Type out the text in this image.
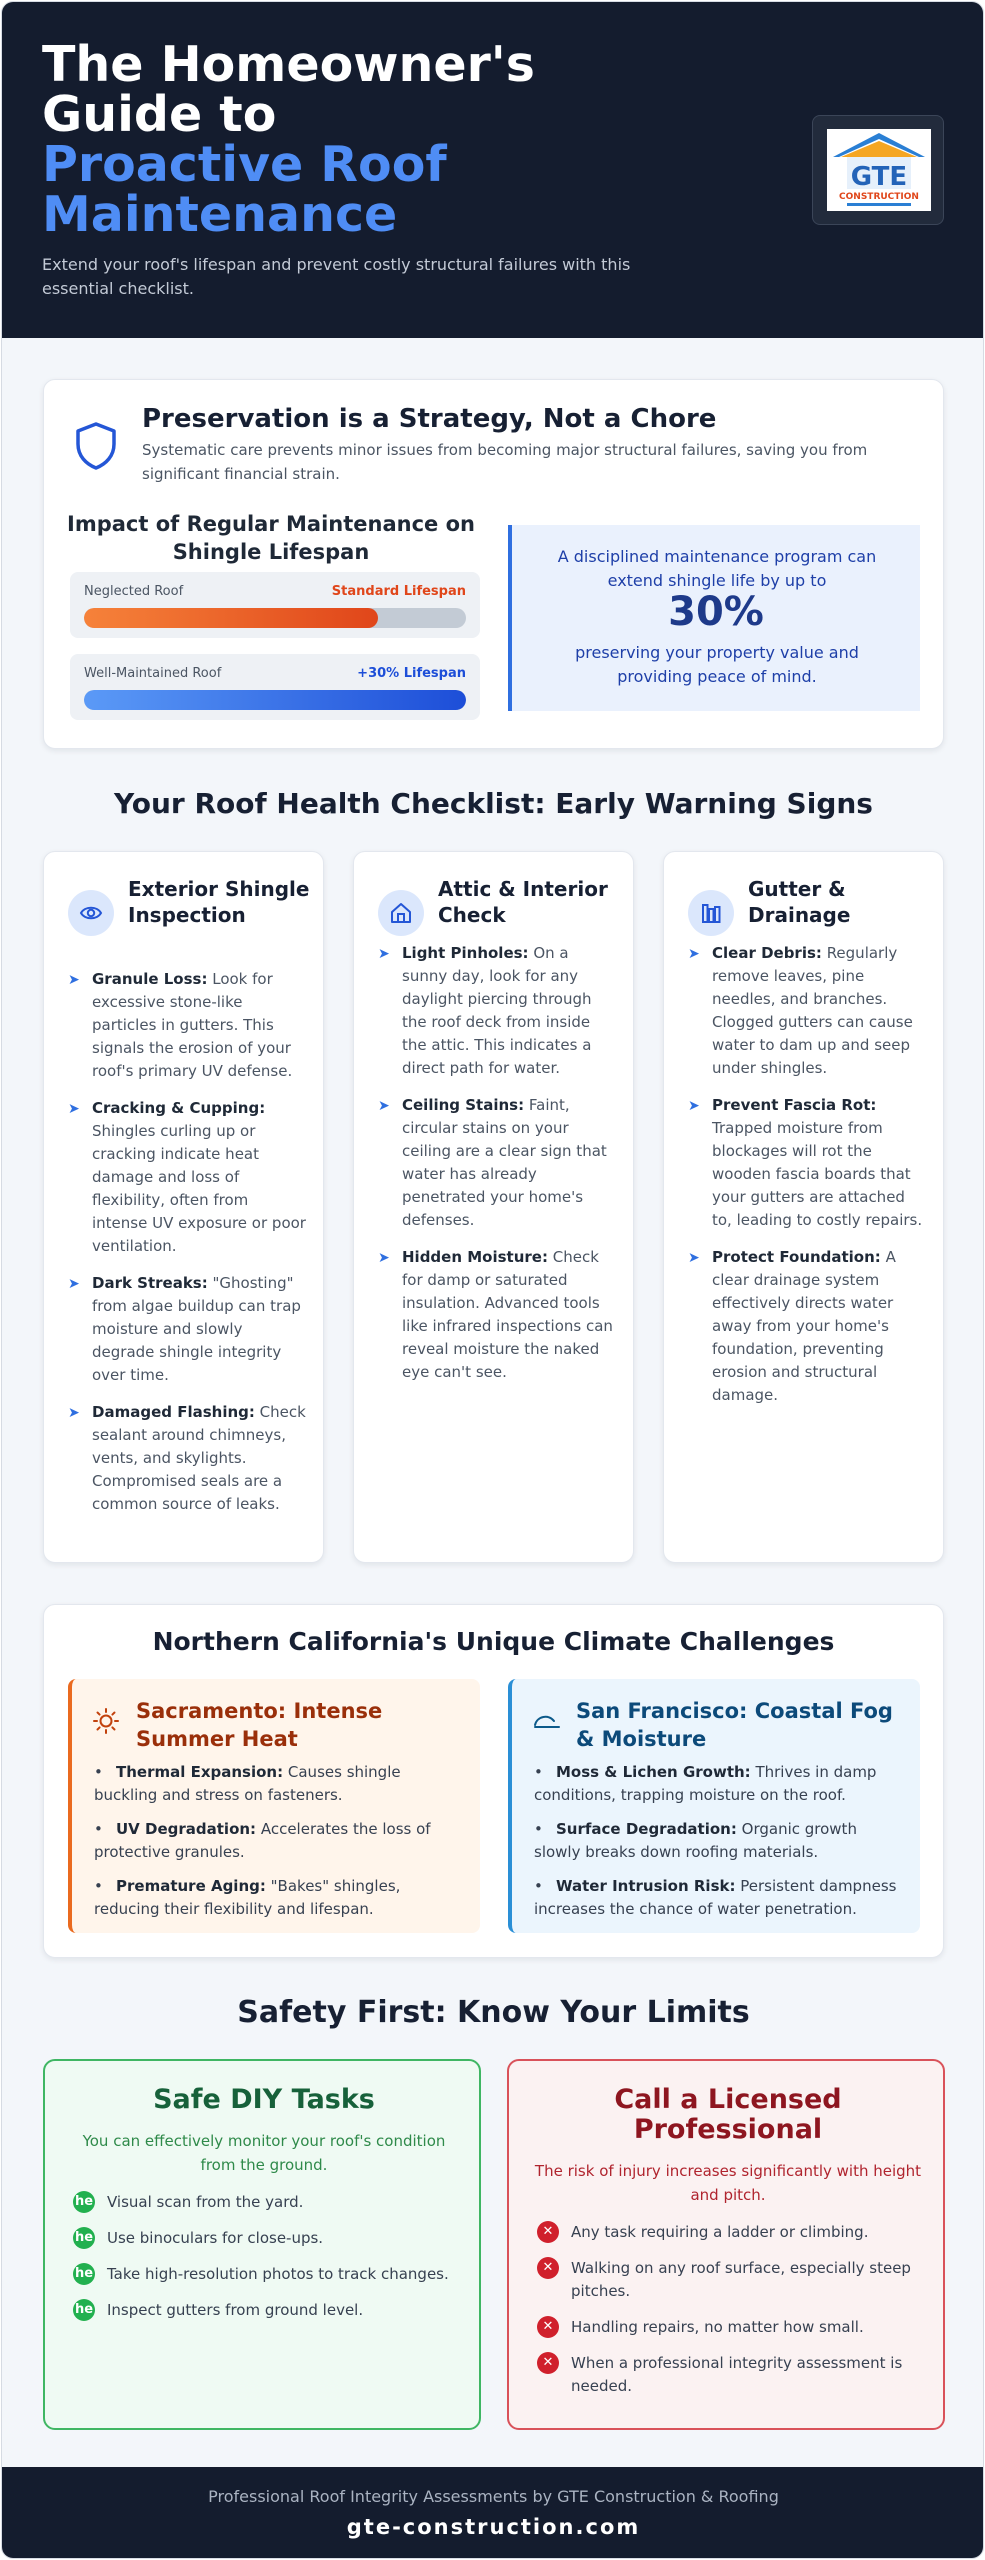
The Homeowner's
Guide to
Proactive Roof
Maintenance
Extend your roof's lifespan and prevent costly structural failures with this essential checklist.
GTE
CONSTRUCTION
Preservation is a Strategy, Not a Chore
Systematic care prevents minor issues from becoming major structural failures, saving you from significant financial strain.
Impact of Regular Maintenance on Shingle Lifespan
Neglected Roof	Standard Lifespan
Well-Maintained Roof	+30% Lifespan
A disciplined maintenance program can extend shingle life by up to
30%
preserving your property value and providing peace of mind.
Your Roof Health Checklist: Early Warning Signs
Exterior Shingle Inspection
➤ Granule Loss: Look for excessive stone-like particles in gutters. This signals the erosion of your roof's primary UV defense.
➤ Cracking & Cupping: Shingles curling up or cracking indicate heat damage and loss of flexibility, often from intense UV exposure or poor ventilation.
➤ Dark Streaks: "Ghosting" from algae buildup can trap moisture and slowly degrade shingle integrity over time.
➤ Damaged Flashing: Check sealant around chimneys, vents, and skylights. Compromised seals are a common source of leaks.
Attic & Interior Check
➤ Light Pinholes: On a sunny day, look for any daylight piercing through the roof deck from inside the attic. This indicates a direct path for water.
➤ Ceiling Stains: Faint, circular stains on your ceiling are a clear sign that water has already penetrated your home's defenses.
➤ Hidden Moisture: Check for damp or saturated insulation. Advanced tools like infrared inspections can reveal moisture the naked eye can't see.
Gutter & Drainage
➤ Clear Debris: Regularly remove leaves, pine needles, and branches. Clogged gutters can cause water to dam up and seep under shingles.
➤ Prevent Fascia Rot: Trapped moisture from blockages will rot the wooden fascia boards that your gutters are attached to, leading to costly repairs.
➤ Protect Foundation: A clear drainage system effectively directs water away from your home's foundation, preventing erosion and structural damage.
Northern California's Unique Climate Challenges
Sacramento: Intense Summer Heat
• Thermal Expansion: Causes shingle buckling and stress on fasteners.
• UV Degradation: Accelerates the loss of protective granules.
• Premature Aging: "Bakes" shingles, reducing their flexibility and lifespan.
San Francisco: Coastal Fog & Moisture
• Moss & Lichen Growth: Thrives in damp conditions, trapping moisture on the roof.
• Surface Degradation: Organic growth slowly breaks down roofing materials.
• Water Intrusion Risk: Persistent dampness increases the chance of water penetration.
Safety First: Know Your Limits
Safe DIY Tasks
You can effectively monitor your roof's condition from the ground.
he Visual scan from the yard.
he Use binoculars for close-ups.
he Take high-resolution photos to track changes.
he Inspect gutters from ground level.
Call a Licensed Professional
The risk of injury increases significantly with height and pitch.
✕	Any task requiring a ladder or climbing.
✕	Walking on any roof surface, especially steep pitches.
✕	Handling repairs, no matter how small.
✕	When a professional integrity assessment is needed.
Professional Roof Integrity Assessments by GTE Construction & Roofing
gte-construction.com
